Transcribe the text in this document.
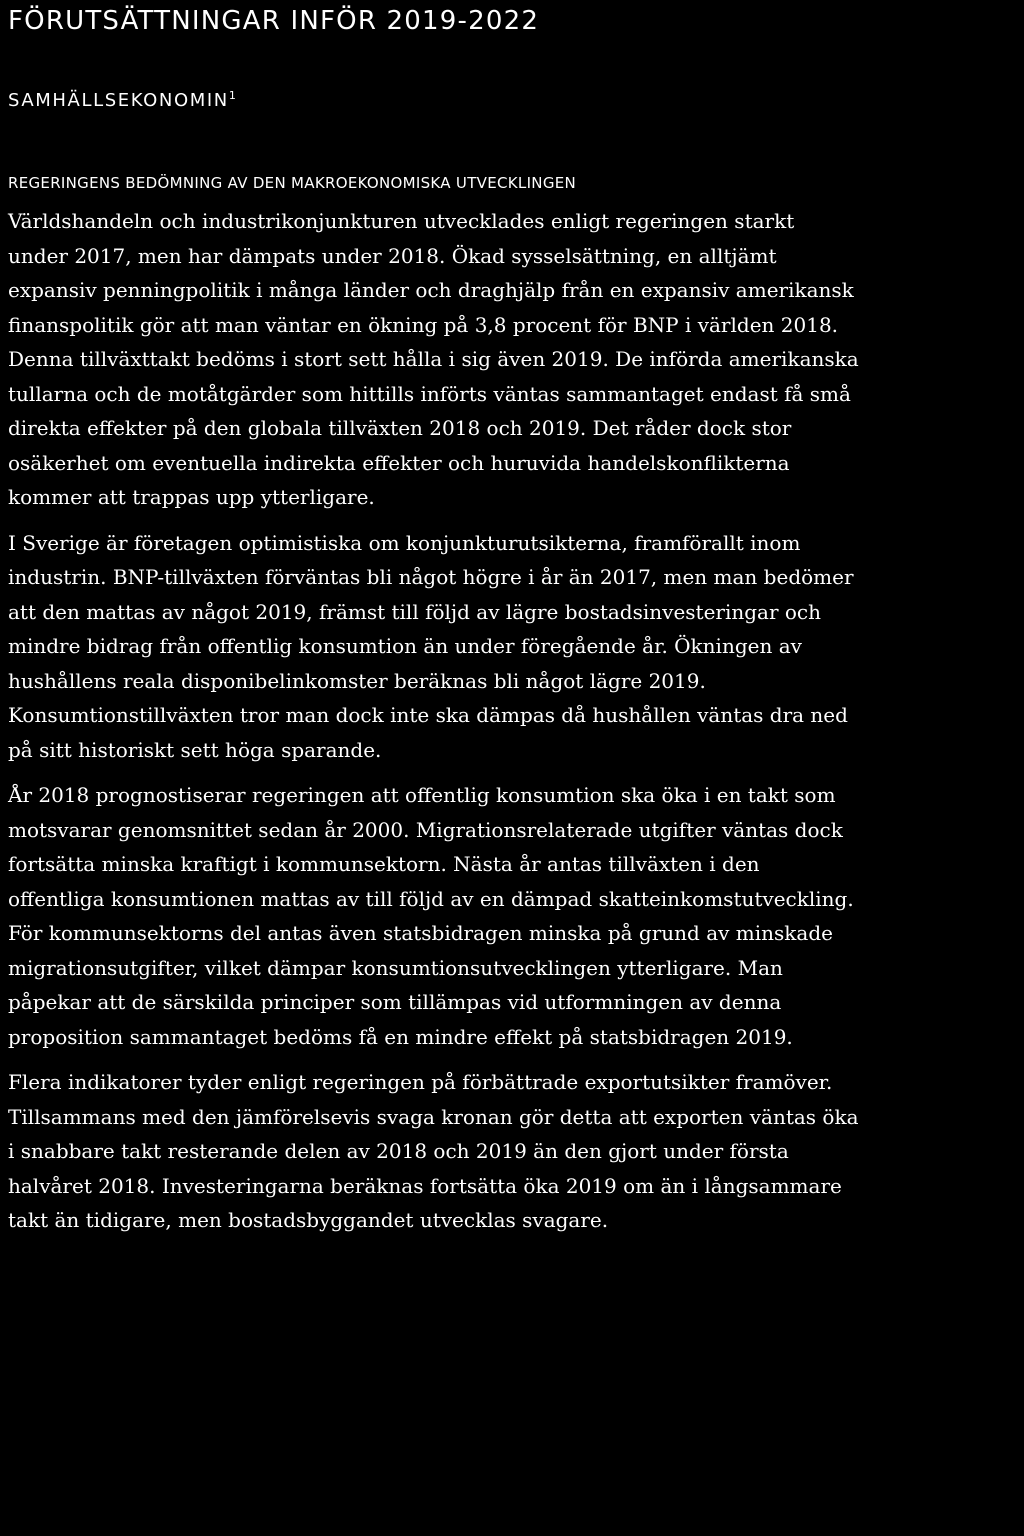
FÖRUTSÄTTNINGAR INFÖR 2019-2022
SAMHÄLLSEKONOMIN$^1$
REGERINGENS BEDÖMNING AV DEN MAKROEKONOMISKA UTVECKLINGEN

Världshandeln och industrikonjunkturen utvecklades enligt regeringen starkt
under 2017, men har dämpats under 2018. Ökad sysselsättning, en alltjämt
expansiv penningpolitik i många länder och draghjälp från en expansiv amerikansk
finanspolitik gör att man väntar en ökning på 3,8 procent för BNP i världen 2018.
Denna tillväxttakt bedöms i stort sett hålla i sig även 2019. De införda amerikanska
tullarna och de motåtgärder som hittills införts väntas sammantaget endast få små
direkta effekter på den globala tillväxten 2018 och 2019. Det råder dock stor
osäkerhet om eventuella indirekta effekter och huruvida handelskonflikterna
kommer att trappas upp ytterligare.

I Sverige är företagen optimistiska om konjunkturutsikterna, framförallt inom
industrin. BNP-tillväxten förväntas bli något högre i år än 2017, men man bedömer
att den mattas av något 2019, främst till följd av lägre bostadsinvesteringar och
mindre bidrag från offentlig konsumtion än under föregående år. Ökningen av
hushållens reala disponibelinkomster beräknas bli något lägre 2019.
Konsumtionstillväxten tror man dock inte ska dämpas då hushållen väntas dra ned
på sitt historiskt sett höga sparande.

År 2018 prognostiserar regeringen att offentlig konsumtion ska öka i en takt som
motsvarar genomsnittet sedan år 2000. Migrationsrelaterade utgifter väntas dock
fortsätta minska kraftigt i kommunsektorn. Nästa år antas tillväxten i den
offentliga konsumtionen mattas av till följd av en dämpad skatteinkomstutveckling.
För kommunsektorns del antas även statsbidragen minska på grund av minskade
migrationsutgifter, vilket dämpar konsumtionsutvecklingen ytterligare. Man
påpekar att de särskilda principer som tillämpas vid utformningen av denna
proposition sammantaget bedöms få en mindre effekt på statsbidragen 2019.

Flera indikatorer tyder enligt regeringen på förbättrade exportutsikter framöver.
Tillsammans med den jämförelsevis svaga kronan gör detta att exporten väntas öka
i snabbare takt resterande delen av 2018 och 2019 än den gjort under första
halvåret 2018. Investeringarna beräknas fortsätta öka 2019 om än i långsammare
takt än tidigare, men bostadsbyggandet utvecklas svagare.
